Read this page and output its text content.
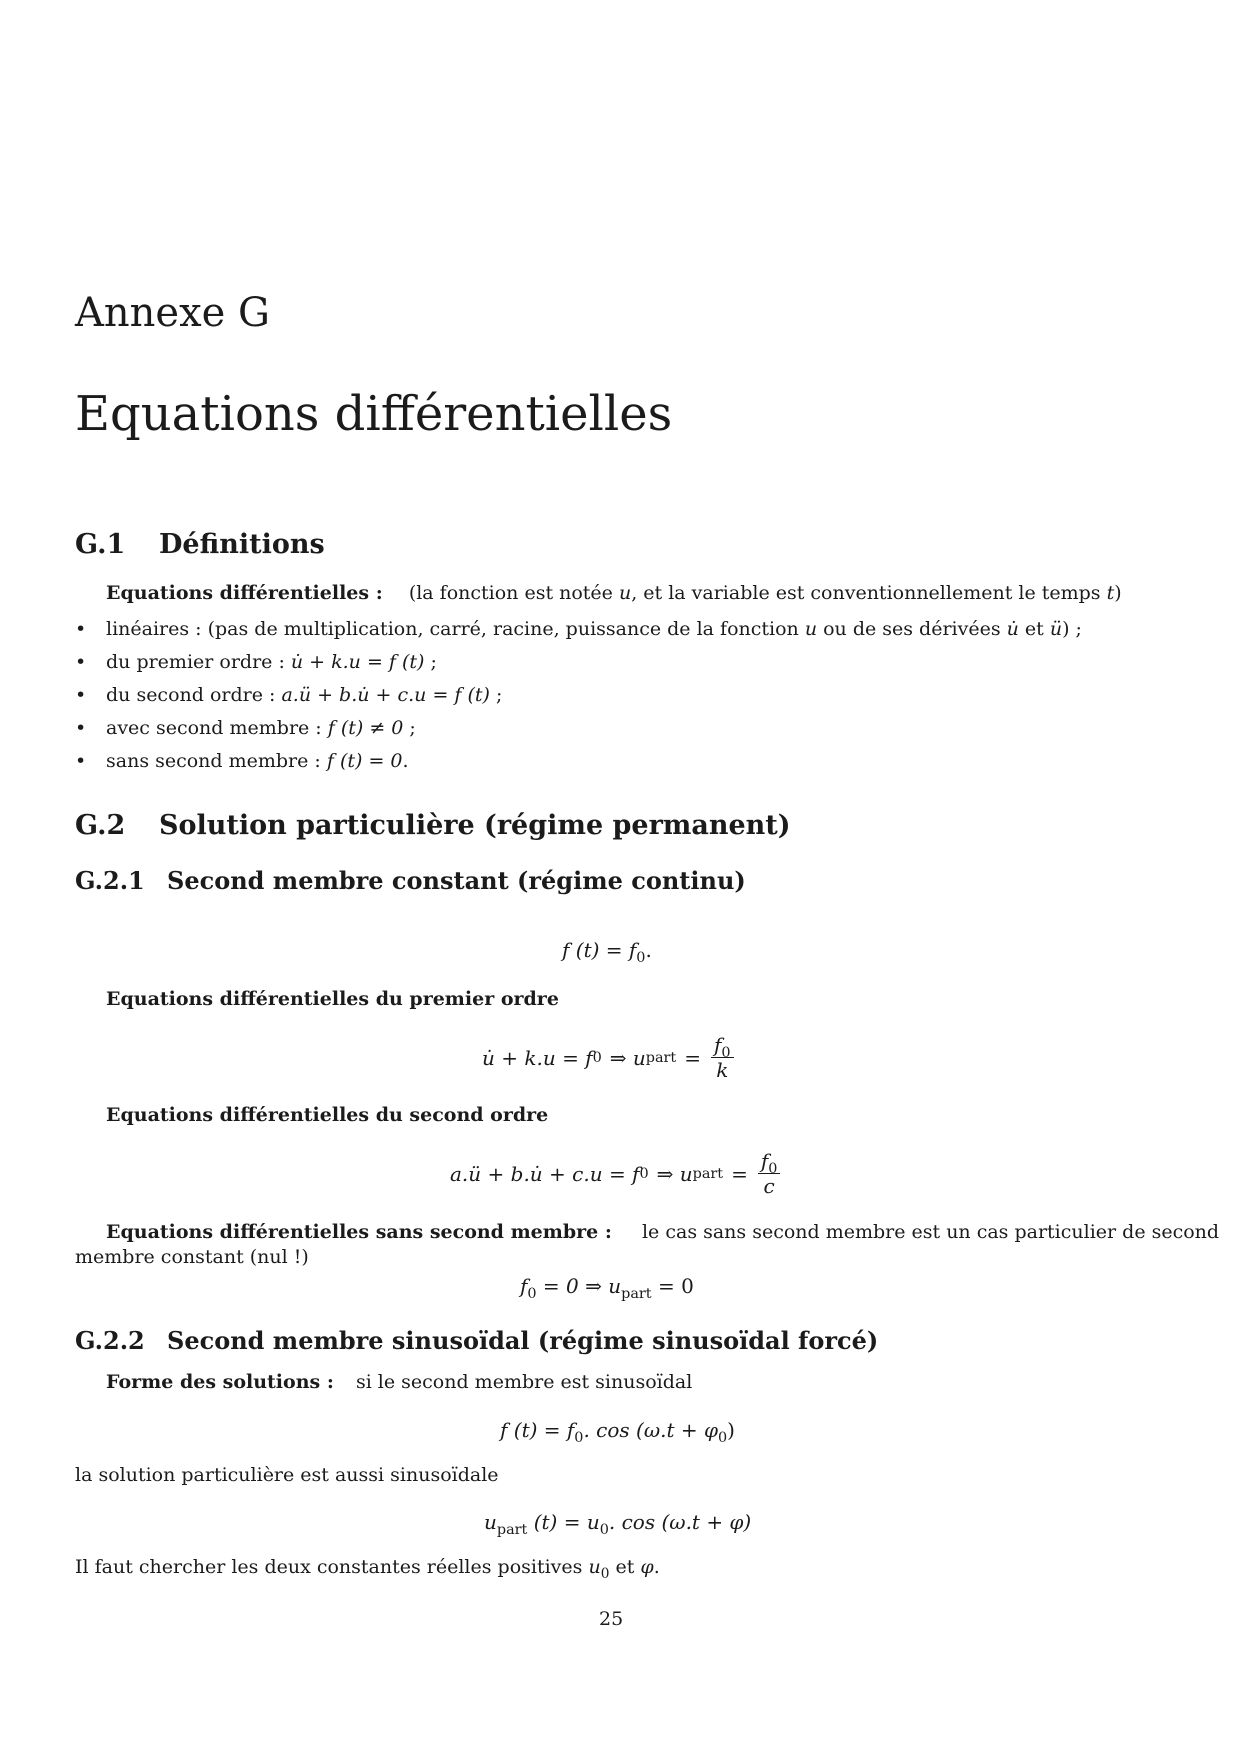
Annexe G
Equations différentielles
G.1 Définitions
Equations différentielles : (la fonction est notée u, et la variable est conventionnellement le temps t)
• linéaires : (pas de multiplication, carré, racine, puissance de la fonction u ou de ses dérivées u̇ et ü) ;
• du premier ordre : u̇ + k.u = f (t) ;
• du second ordre : a.ü + b.u̇ + c.u = f (t) ;
• avec second membre : f (t) ≠ 0 ;
• sans second membre : f (t) = 0.
G.2 Solution particulière (régime permanent)
G.2.1 Second membre constant (régime continu)
f $(t) = f_0$.
Equations différentielles du premier ordre
u̇ + k.u = f 0 ⇒ u part = $\frac{f_0}{k}$
Equations différentielles du second ordre
a.ü + b.u̇ + c.u = f 0 ⇒ u part = $\frac{f_0}{c}$
Equations différentielles sans second membre : le cas sans second membre est un cas particulier de second
membre constant (nul !)
$f_0 = 0$ ⇒ $u_{part} = 0$
G.2.2 Second membre sinusoïdal (régime sinusoïdal forcé)
Forme des solutions : si le second membre est sinusoïdal
f $(t) = f_0$. $\cos (\omega.t + \varphi_0)$
la solution particulière est aussi sinusoïdale
$u_{part}$ $(t) = u_0$. cos (ω.t + φ)
Il faut chercher les deux constantes réelles positives $u_0$ et φ.
25
